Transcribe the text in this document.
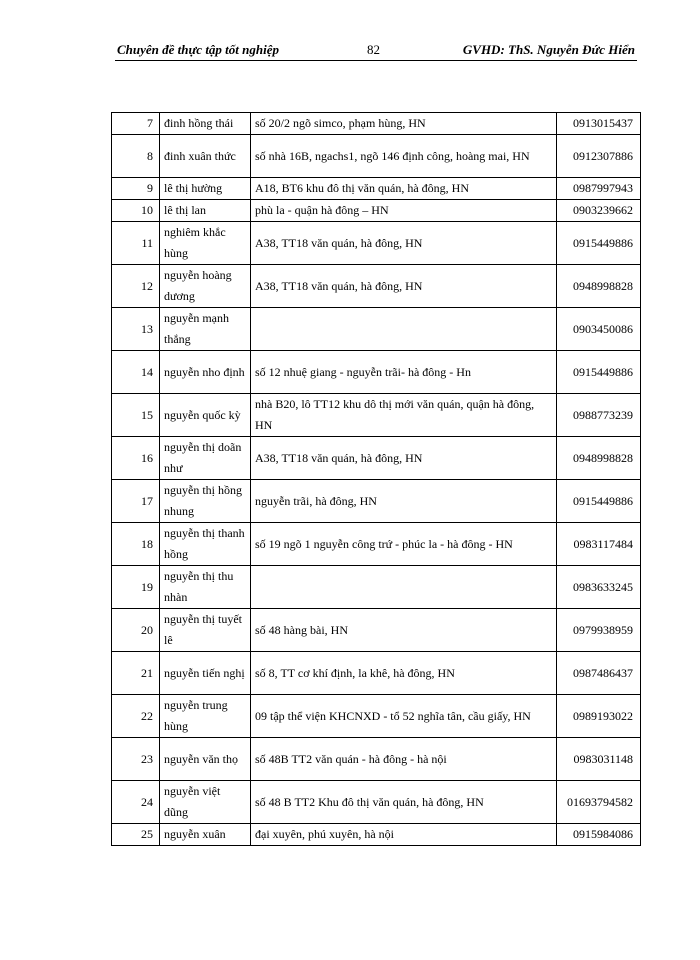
Chuyên đề thực tập tốt nghiệp	82	GVHD: ThS. Nguyễn Đức Hiển
7	đinh hồng thái	số 20/2 ngõ simco, phạm hùng, HN	0913015437
8	đinh xuân thức	số nhà 16B, ngachs1, ngõ 146 định công, hoàng mai, HN	0912307886
9	lê thị hường	A18, BT6 khu đô thị văn quán, hà đông, HN	0987997943
10	lê thị lan	phù la - quận hà đông – HN	0903239662
11	nghiêm khắc hùng	A38, TT18 văn quán, hà đông, HN	0915449886
12	nguyễn hoàng dương	A38, TT18 văn quán, hà đông, HN	0948998828
13	nguyễn mạnh thắng		0903450086
14	nguyễn nho định	số 12 nhuệ giang - nguyễn trãi- hà đông - Hn	0915449886
15	nguyễn quốc kỳ	nhà B20, lô TT12 khu dô thị mới văn quán, quận hà đông, HN	0988773239
16	nguyễn thị doãn như	A38, TT18 văn quán, hà đông, HN	0948998828
17	nguyễn thị hồng nhung	nguyễn trãi, hà đông, HN	0915449886
18	nguyễn thị thanh hồng	số 19 ngõ 1 nguyễn công trứ - phúc la - hà đông - HN	0983117484
19	nguyễn thị thu nhàn		0983633245
20	nguyễn thị tuyết lê	số 48 hàng bài, HN	0979938959
21	nguyễn tiến nghị	số 8, TT cơ khí định, la khê, hà đông, HN	0987486437
22	nguyễn trung hùng	09 tập thể viện KHCNXD - tổ 52 nghĩa tân, cầu giấy, HN	0989193022
23	nguyễn văn thọ	số 48B TT2 văn quán - hà đông - hà nội	0983031148
24	nguyễn việt dũng	số 48 B TT2 Khu đô thị văn quán, hà đông, HN	01693794582
25	nguyễn xuân	đại xuyên, phú xuyên, hà nội	0915984086
